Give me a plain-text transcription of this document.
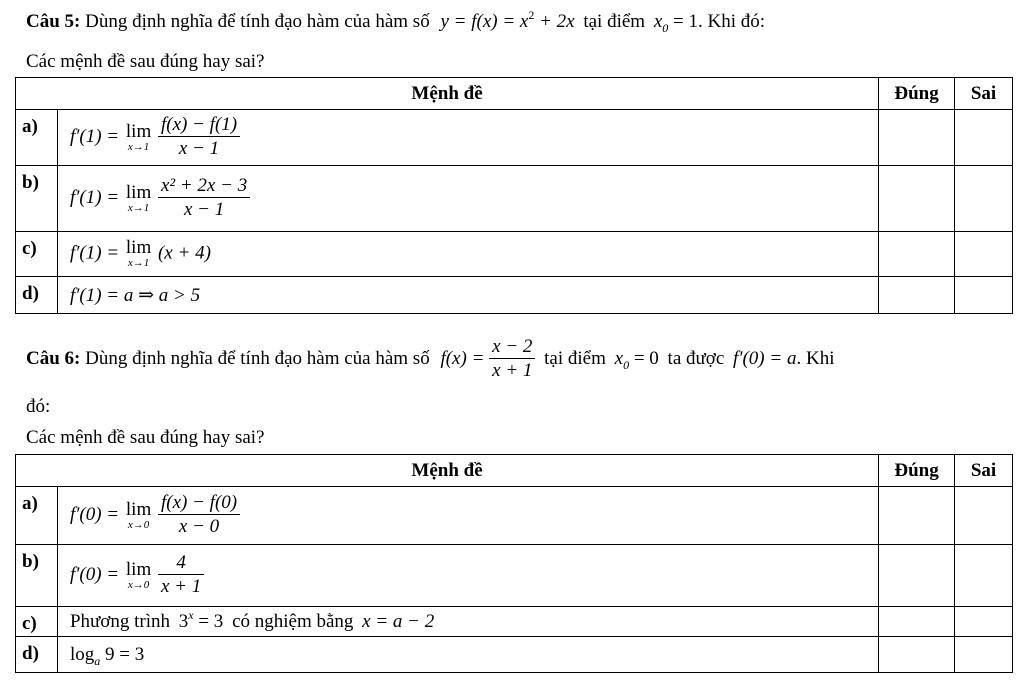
Câu 5: Dùng định nghĩa để tính đạo hàm của hàm số $y = f(x) = x^2 + 2x$ tại điểm $x_0 = 1$. Khi đó:
Các mệnh đề sau đúng hay sai?
Mệnh đề		Đúng	Sai
a)	f′(1) = lim
x→1
$\frac{f(x) - f(1)}{x - 1}$

b)	f′(1) = lim
x→1
$\frac{\text{x² + 2x − 3}}{x - 1}$

c)	f′(1) = lim
x→1 (x + 4)		
d)	f′(1) = a ⇒ a > 5		
Câu 6: Dùng định nghĩa để tính đạo hàm của hàm số $f(x) = \frac{x - 2}{x + 1}$ tại điểm $x_0 = 0$ ta được f′(0) = a. Khi
đó:
Các mệnh đề sau đúng hay sai?
Mệnh đề		Đúng	Sai
a)	f′(0) = lim
x→0
$\frac{f(x) - f(0)}{x - 0}$

b)	f′(0) = lim
x→0
$\frac{4}{x + 1}$

c)	Phương trình $3^x = 3$ có nghiệm bằng x = a − 2		
d)	$\log_a 9 = 3$		
